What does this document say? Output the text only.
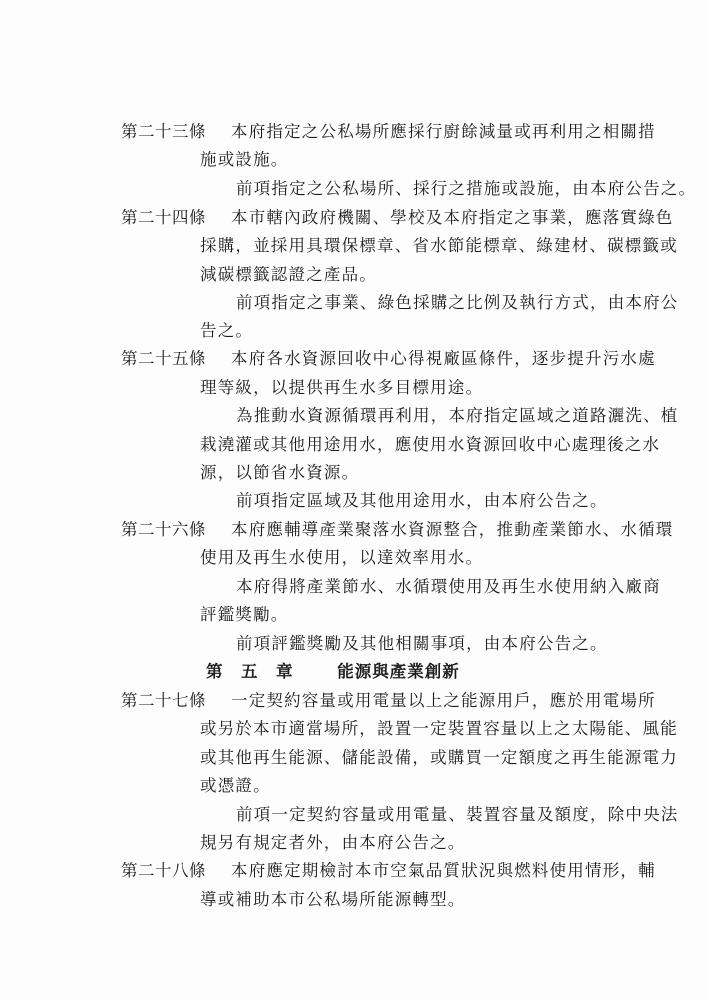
第二十三條 本府指定之公私場所應採行廚餘減量或再利用之相關措
施或設施。
前項指定之公私場所、採行之措施或設施，由本府公告之。
第二十四條 本市轄內政府機關、學校及本府指定之事業，應落實綠色
採購，並採用具環保標章、省水節能標章、綠建材、碳標籤或
減碳標籤認證之產品。
前項指定之事業、綠色採購之比例及執行方式，由本府公
告之。
第二十五條 本府各水資源回收中心得視廠區條件，逐步提升污水處
理等級，以提供再生水多目標用途。
為推動水資源循環再利用，本府指定區域之道路灑洗、植
栽澆灌或其他用途用水，應使用水資源回收中心處理後之水
源，以節省水資源。
前項指定區域及其他用途用水，由本府公告之。
第二十六條 本府應輔導產業聚落水資源整合，推動產業節水、水循環
使用及再生水使用，以達效率用水。
本府得將產業節水、水循環使用及再生水使用納入廠商
評鑑獎勵。
前項評鑑獎勵及其他相關事項，由本府公告之。
第　五　章	能源與產業創新
第二十七條 一定契約容量或用電量以上之能源用戶，應於用電場所
或另於本市適當場所，設置一定裝置容量以上之太陽能、風能
或其他再生能源、儲能設備，或購買一定額度之再生能源電力
或憑證。
前項一定契約容量或用電量、裝置容量及額度，除中央法
規另有規定者外，由本府公告之。
第二十八條 本府應定期檢討本市空氣品質狀況與燃料使用情形，輔
導或補助本市公私場所能源轉型。
